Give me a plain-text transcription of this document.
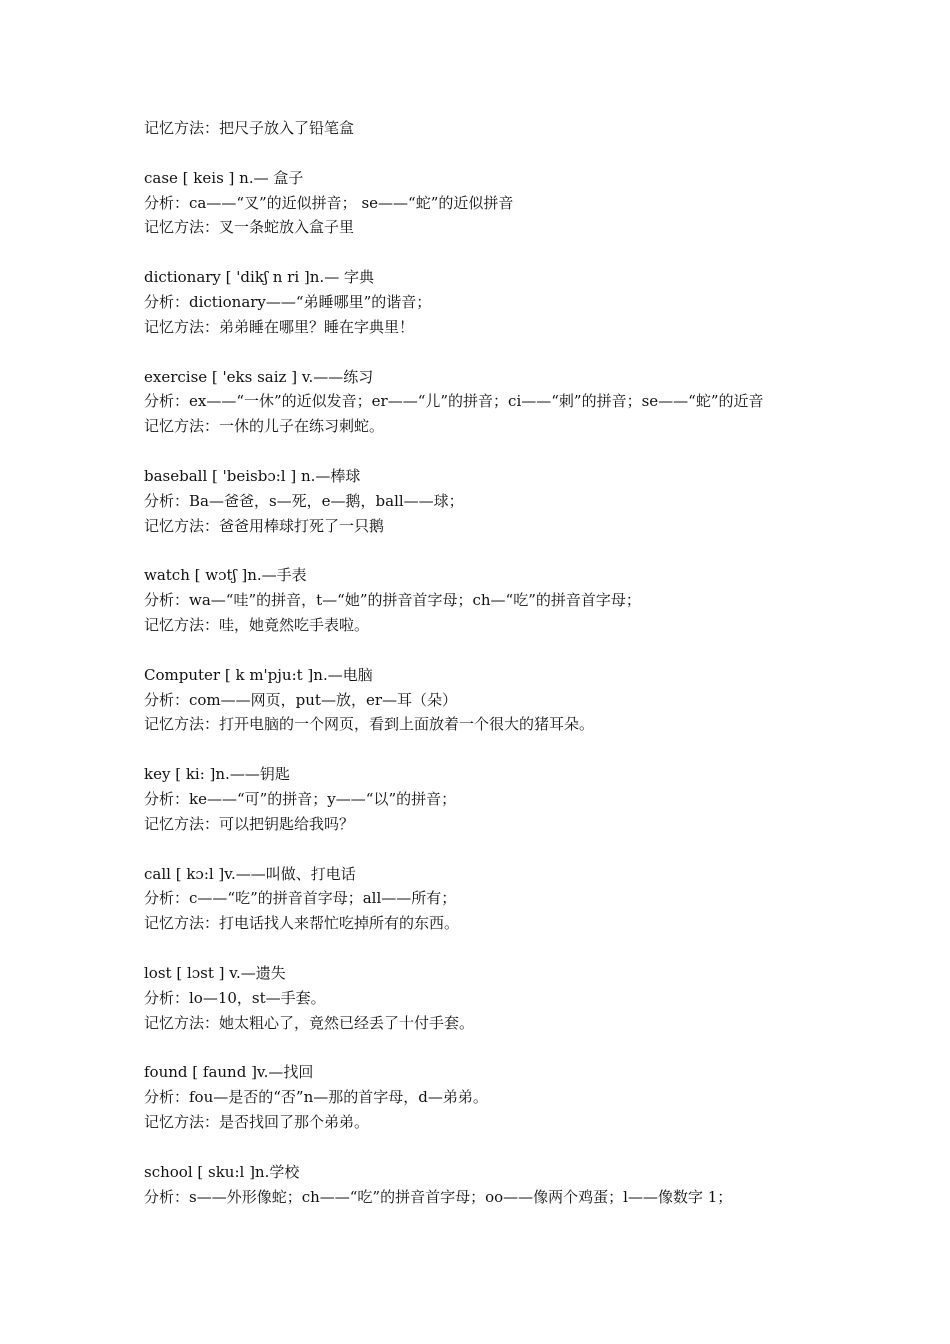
记忆方法：把尺子放入了铅笔盒

case [ keis ] n.— 盒子

分析：ca——“叉”的近似拼音； se——“蛇”的近似拼音

记忆方法：叉一条蛇放入盒子里

dictionary [ 'dikʃ n ri ]n.— 字典

分析：dictionary——“弟睡哪里”的谐音；

记忆方法：弟弟睡在哪里？睡在字典里！

exercise [ 'eks saiz ] v.——练习

分析：ex——“一休”的近似发音；er——“儿”的拼音；ci——“刺”的拼音；se——“蛇”的近音

记忆方法：一休的儿子在练习刺蛇。

baseball [ 'beisbɔ:l ] n.—棒球

分析：Ba—爸爸，s—死，e—鹅，ball——球；

记忆方法：爸爸用棒球打死了一只鹅

watch [ wɔtʃ ]n.—手表

分析：wa—“哇”的拼音，t—“她”的拼音首字母；ch—“吃”的拼音首字母；

记忆方法：哇，她竟然吃手表啦。

Computer [ k m'pju:t ]n.—电脑

分析：com——网页，put—放，er—耳（朵）

记忆方法：打开电脑的一个网页，看到上面放着一个很大的猪耳朵。

key [ ki: ]n.——钥匙

分析：ke——“可”的拼音；y——“以”的拼音；

记忆方法：可以把钥匙给我吗？

call [ kɔ:l ]v.——叫做、打电话

分析：c——“吃”的拼音首字母；all——所有；

记忆方法：打电话找人来帮忙吃掉所有的东西。

lost [ lɔst ] v.—遗失

分析：lo—10，st—手套。

记忆方法：她太粗心了，竟然已经丢了十付手套。

found [ faund ]v.—找回

分析：fou—是否的“否”n—那的首字母，d—弟弟。

记忆方法：是否找回了那个弟弟。

school [ sku:l ]n.学校

分析：s——外形像蛇；ch——“吃”的拼音首字母；oo——像两个鸡蛋；l——像数字 1；
